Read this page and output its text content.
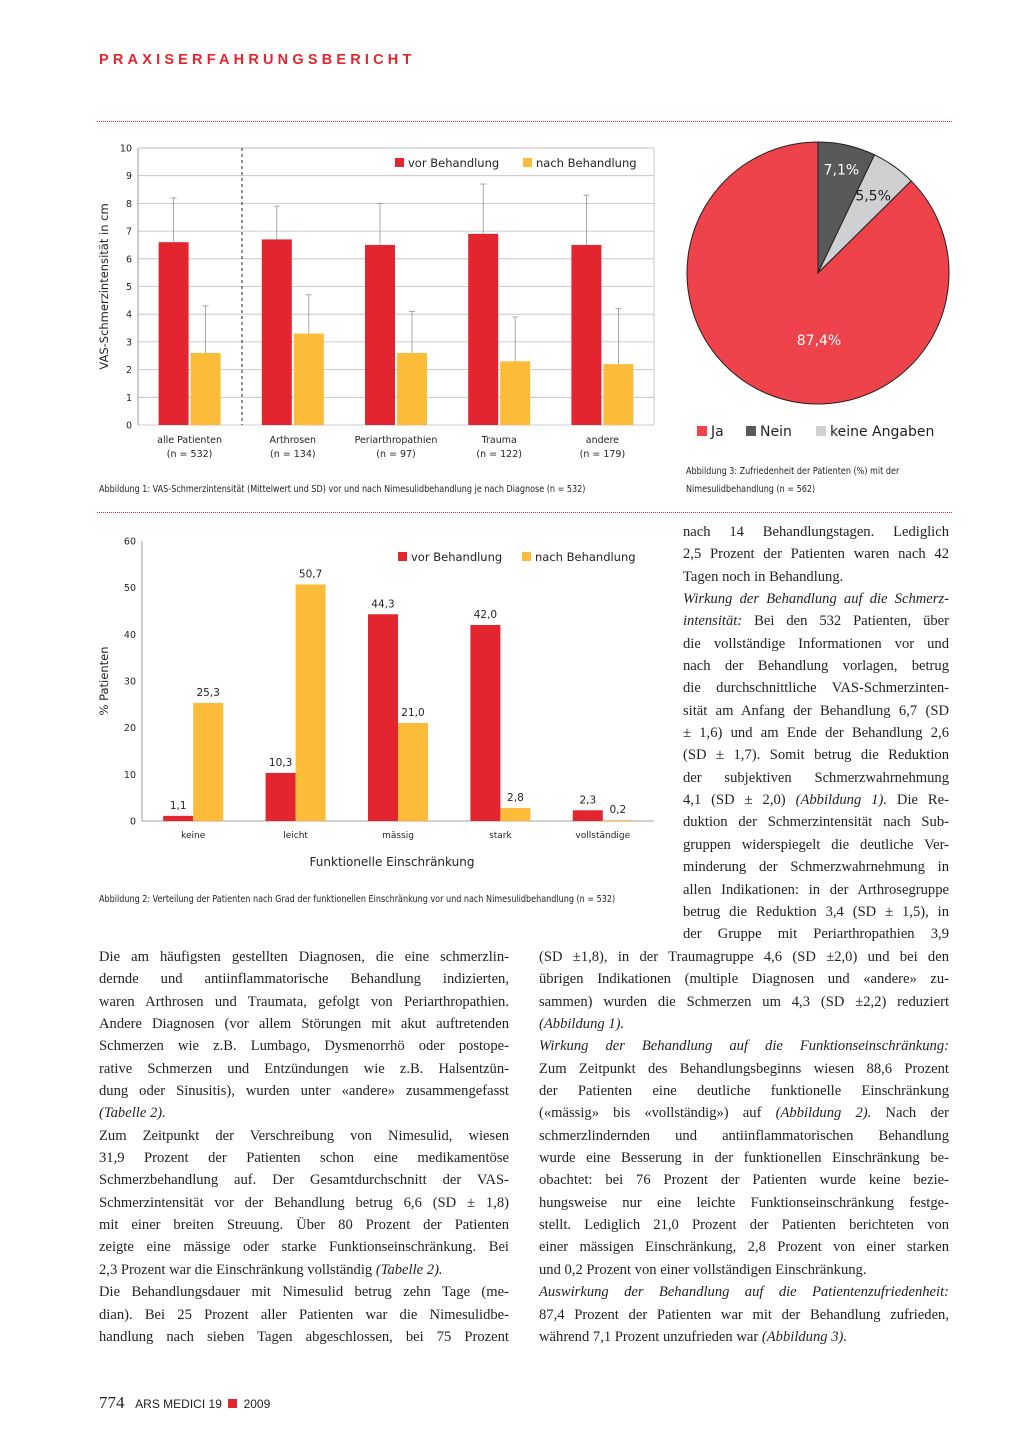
PRAXISERFAHRUNGSBERICHT
0
1
2
3
4
5
6
7
8
9
10
VAS-Schmerzintensität in cm
alle Patienten
(n = 532)
Arthrosen
(n = 134)
Periarthropathien
(n = 97)
Trauma
(n = 122)
andere
(n = 179)
vor Behandlung	nach Behandlung
Abbildung 1: VAS-Schmerzintensität (Mittelwert und SD) vor und nach Nimesulidbehandlung je nach Diagnose (n = 532)
7,1%
5,5%
87,4%
Ja	Nein	keine Angaben
Abbildung 3: Zufriedenheit der Patienten (%) mit der
Nimesulidbehandlung (n = 562)
0
10
20
30
40
50
60
% Patienten
1,1
25,3
keine
10,3
50,7
leicht
44,3
21,0
mässig
42,0
2,8
stark
2,3
0,2
vollständige
Funktionelle Einschränkung
vor Behandlung	nach Behandlung
Abbildung 2: Verteilung der Patienten nach Grad der funktionellen Einschränkung vor und nach Nimesulidbehandlung (n = 532)
nach 14 Behandlungstagen. Lediglich
2,5 Prozent der Patienten waren nach 42
Tagen noch in Behandlung.
Wirkung der Behandlung auf die Schmerz-
intensität: Bei den 532 Patienten, über
die vollständige Informationen vor und
nach der Behandlung vorlagen, betrug
die durchschnittliche VAS-Schmerzinten-
sität am Anfang der Behandlung 6,7 (SD
± 1,6) und am Ende der Behandlung 2,6
(SD ± 1,7). Somit betrug die Reduktion
der subjektiven Schmerzwahrnehmung
4,1 (SD ± 2,0) (Abbildung 1). Die Re-
duktion der Schmerzintensität nach Sub-
gruppen widerspiegelt die deutliche Ver-
minderung der Schmerzwahrnehmung in
allen Indikationen: in der Arthrosegruppe
betrug die Reduktion 3,4 (SD ± 1,5), in
der Gruppe mit Periarthropathien 3,9
Die am häufigsten gestellten Diagnosen, die eine schmerzlin-
dernde und antiinflammatorische Behandlung indizierten,
waren Arthrosen und Traumata, gefolgt von Periarthropathien.
Andere Diagnosen (vor allem Störungen mit akut auftretenden
Schmerzen wie z.B. Lumbago, Dysmenorrhö oder postope-
rative Schmerzen und Entzündungen wie z.B. Halsentzün-
dung oder Sinusitis), wurden unter «andere» zusammengefasst
(Tabelle 2).
Zum Zeitpunkt der Verschreibung von Nimesulid, wiesen
31,9 Prozent der Patienten schon eine medikamentöse
Schmerzbehandlung auf. Der Gesamtdurchschnitt der VAS-
Schmerzintensität vor der Behandlung betrug 6,6 (SD ± 1,8)
mit einer breiten Streuung. Über 80 Prozent der Patienten
zeigte eine mässige oder starke Funktionseinschränkung. Bei
2,3 Prozent war die Einschränkung vollständig (Tabelle 2).
Die Behandlungsdauer mit Nimesulid betrug zehn Tage (me-
dian). Bei 25 Prozent aller Patienten war die Nimesulidbe-
handlung nach sieben Tagen abgeschlossen, bei 75 Prozent
(SD ±1,8), in der Traumagruppe 4,6 (SD ±2,0) und bei den
übrigen Indikationen (multiple Diagnosen und «andere» zu-
sammen) wurden die Schmerzen um 4,3 (SD ±2,2) reduziert
(Abbildung 1).
Wirkung der Behandlung auf die Funktionseinschränkung:
Zum Zeitpunkt des Behandlungsbeginns wiesen 88,6 Prozent
der Patienten eine deutliche funktionelle Einschränkung
(«mässig» bis «vollständig») auf (Abbildung 2). Nach der
schmerzlindernden und antiinflammatorischen Behandlung
wurde eine Besserung in der funktionellen Einschränkung be-
obachtet: bei 76 Prozent der Patienten wurde keine bezie-
hungsweise nur eine leichte Funktionseinschränkung festge-
stellt. Lediglich 21,0 Prozent der Patienten berichteten von
einer mässigen Einschränkung, 2,8 Prozent von einer starken
und 0,2 Prozent von einer vollständigen Einschränkung.
Auswirkung der Behandlung auf die Patientenzufriedenheit:
87,4 Prozent der Patienten war mit der Behandlung zufrieden,
während 7,1 Prozent unzufrieden war (Abbildung 3).
774 ARS MEDICI 19 2009
